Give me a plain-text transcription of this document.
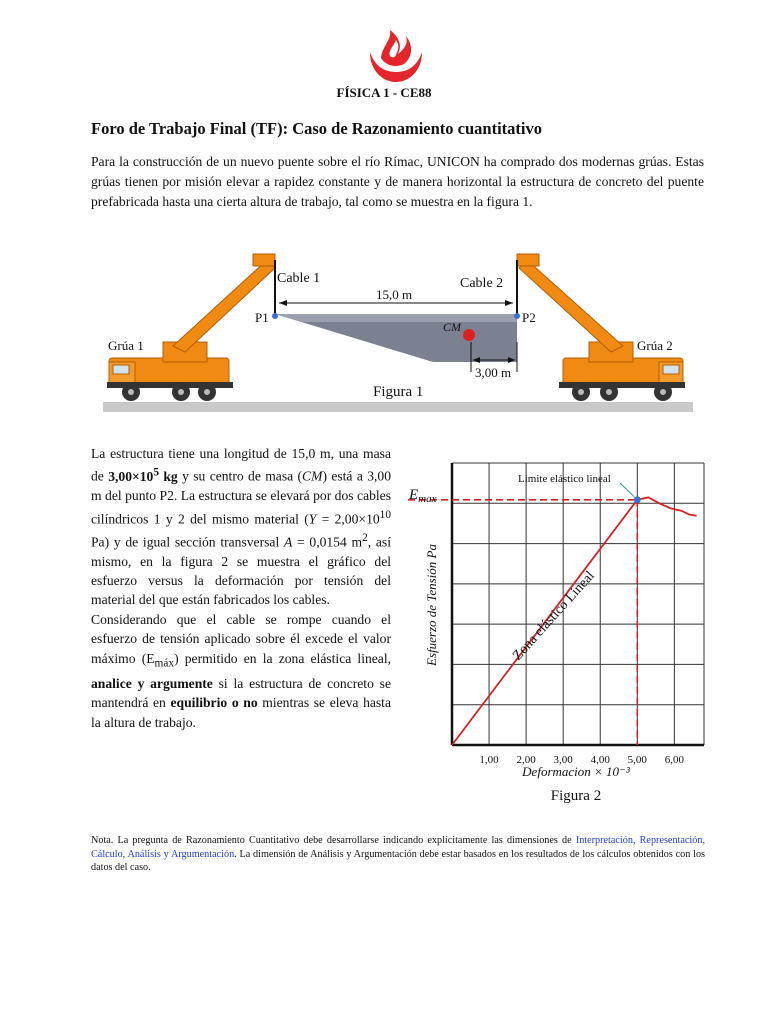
FÍSICA 1 - CE88
Foro de Trabajo Final (TF): Caso de Razonamiento cuantitativo

Para la construcción de un nuevo puente sobre el río Rímac, UNICON ha comprado dos modernas grúas. Estas grúas tienen por misión elevar a rapidez constante y de manera horizontal la estructura de concreto del puente prefabricada hasta una cierta altura de trabajo, tal como se muestra en la figura 1.

Cable 1	Cable 2
15,0 m
P1	P2
CM
3,00 m
Grúa 1	Grúa 2
Figura 1

La estructura tiene una longitud de 15,0 m, una masa de $3,00\times 10^5$ kg y su centro de masa (CM) está a 3,00 m del punto P2. La estructura se elevará por dos cables cilíndricos 1 y 2 del mismo material ($Y = 2,00\times 10^{10}$ Pa) y de igual sección transversal A = 0,0154 $m^2$, así mismo, en la figura 2 se muestra el gráfico del esfuerzo versus la deformación por tensión del material del que están fabricados los cables.

Considerando que el cable se rompe cuando el esfuerzo de tensión aplicado sobre él excede el valor máximo $(E_{máx})$ permitido en la zona elástica lineal, analice y argumente si la estructura de concreto se mantendrá en equilibrio o no mientras se eleva hasta la altura de trabajo.

1,00 2,00 3,00 4,00 5,00 6,00
Limite elástico lineal
$E_{max}$
Zona elástico Lineal
Esfuerzo de Tensión Pa
Deformacion × 10⁻³
Figura 2

Nota. La pregunta de Razonamiento Cuantitativo debe desarrollarse indicando explícitamente las dimensiones de Interpretación, Representación, Cálculo, Análisis y Argumentación. La dimensión de Análisis y Argumentación debe estar basados en los resultados de los cálculos obtenidos con los datos del caso.
